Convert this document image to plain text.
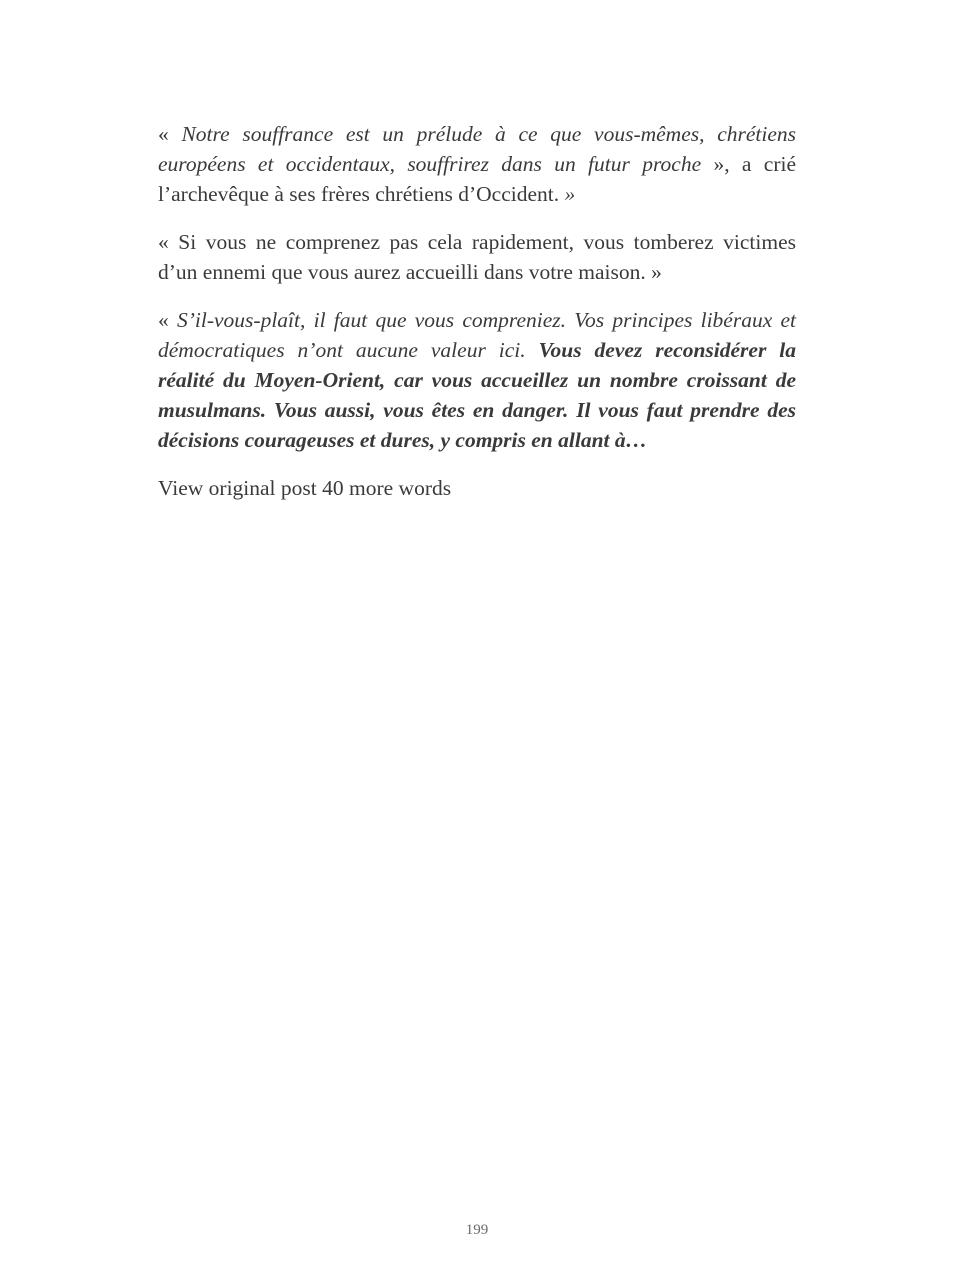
« Notre souffrance est un prélude à ce que vous-mêmes, chrétiens européens et occidentaux, souffrirez dans un futur proche », a crié l’archevêque à ses frères chrétiens d’Occident. »

« Si vous ne comprenez pas cela rapidement, vous tomberez victimes d’un ennemi que vous aurez accueilli dans votre maison. »

« S’il-vous-plaît, il faut que vous compreniez. Vos principes libéraux et démocratiques n’ont aucune valeur ici. Vous devez reconsidérer la réalité du Moyen-Orient, car vous accueillez un nombre croissant de musulmans. Vous aussi, vous êtes en danger. Il vous faut prendre des décisions courageuses et dures, y compris en allant à…

View original post 40 more words

199
